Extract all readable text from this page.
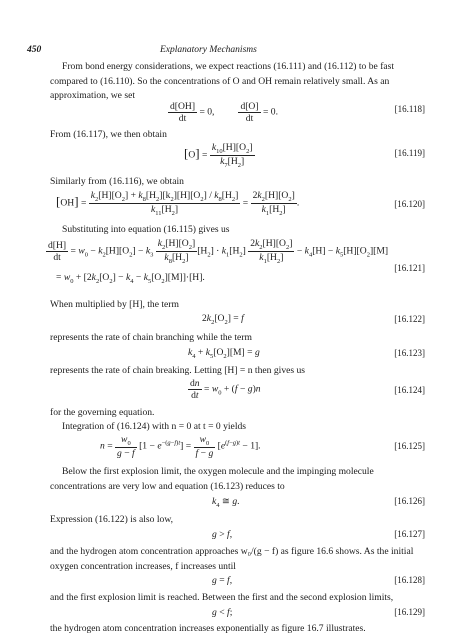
450	Explanatory Mechanisms
From bond energy considerations, we expect reactions (16.111) and (16.112) to be fast compared to (16.110). So the concentrations of O and OH remain relatively small. As an approximation, we set
$\frac{d[OH]}{dt} = 0$, $\frac{d[O]}{dt} = 0$.	[16.118]
From (16.117), we then obtain
$[O] = \frac{k_{10}[H][O_2]}{k_7[H_2]}$	[16.119]
Similarly from (16.116), we obtain
$[OH] = \frac{k_2[H][O_2] + k_8[H_2][k_2][H][O_2] / k_8[H_2]}{k_{11}[H_2]} = \frac{2k_2[H][O_2]}{k_1[H_2]}$ .	[16.120]
Substituting into equation (16.115) gives us
$\frac{d[H]}{dt} = w_0 - k_2[H][O_2] - k_3 \frac{k_2[H][O_2]}{k_8[H_2]} [H_2] \cdot k_1[H_2] \frac{2k_2[H][O_2]}{k_1[H_2]} - k_4[H] - k_5[H][O_2][M]$
= $w_0 + [2k_2[O_2] - k_4 - k_5[O_2][M]]\cdot[H]$.
[16.121]
When multiplied by [H], the term
$2k_2[O_2] = f$	[16.122]
represents the rate of chain branching while the term
$k_4 + k_5[O_2][M] = g$	[16.123]
represents the rate of chain breaking. Letting [H] = n then gives us
$\frac{dn}{dt} = w_0 + (f - g)n$	[16.124]
for the governing equation.
Integration of (16.124) with n = 0 at t = 0 yields
$n = \frac{w_0}{g - f} [1 - e^{-(g-f)t}] = \frac{w_0}{f - g} [e^{(f-g)t} - 1]$.	[16.125]
Below the first explosion limit, the oxygen molecule and the impinging molecule concentrations are very low and equation (16.123) reduces to
$k_4$ ≅ g.	[16.126]
Expression (16.122) is also low,
g > f,	[16.127]
and the hydrogen atom concentration approaches w₀/(g − f) as figure 16.6 shows. As the initial oxygen concentration increases, f increases until
g = f,	[16.128]
and the first explosion limit is reached. Between the first and the second explosion limits,
g < f;	[16.129]
the hydrogen atom concentration increases exponentially as figure 16.7 illustrates.
